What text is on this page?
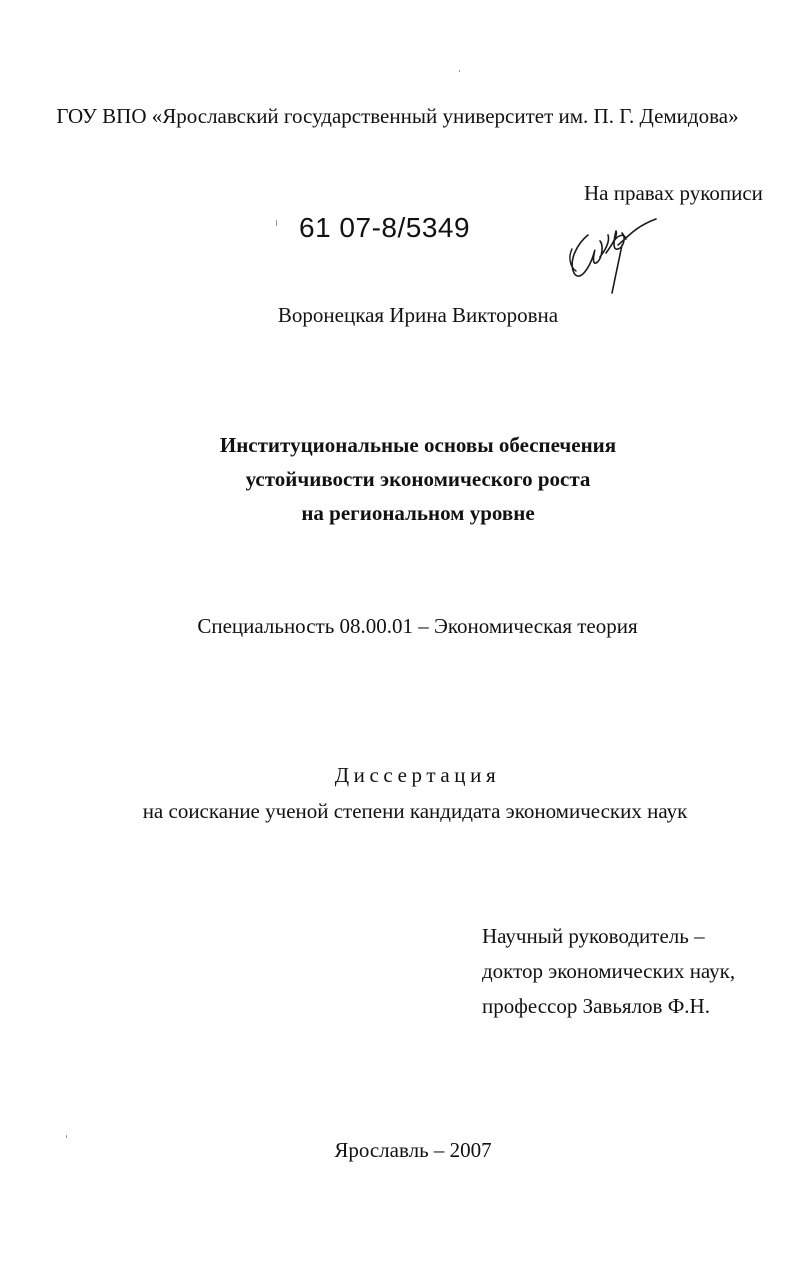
ГОУ ВПО «Ярославский государственный университет им. П. Г. Демидова»
На правах рукописи
61 07-8/5349
Воронецкая Ирина Викторовна
Институциональные основы обеспечения
устойчивости экономического роста
на региональном уровне
Специальность 08.00.01 – Экономическая теория
Диссертация
на соискание ученой степени кандидата экономических наук
Научный руководитель –
доктор экономических наук,
профессор Завьялов Ф.Н.
Ярославль – 2007
